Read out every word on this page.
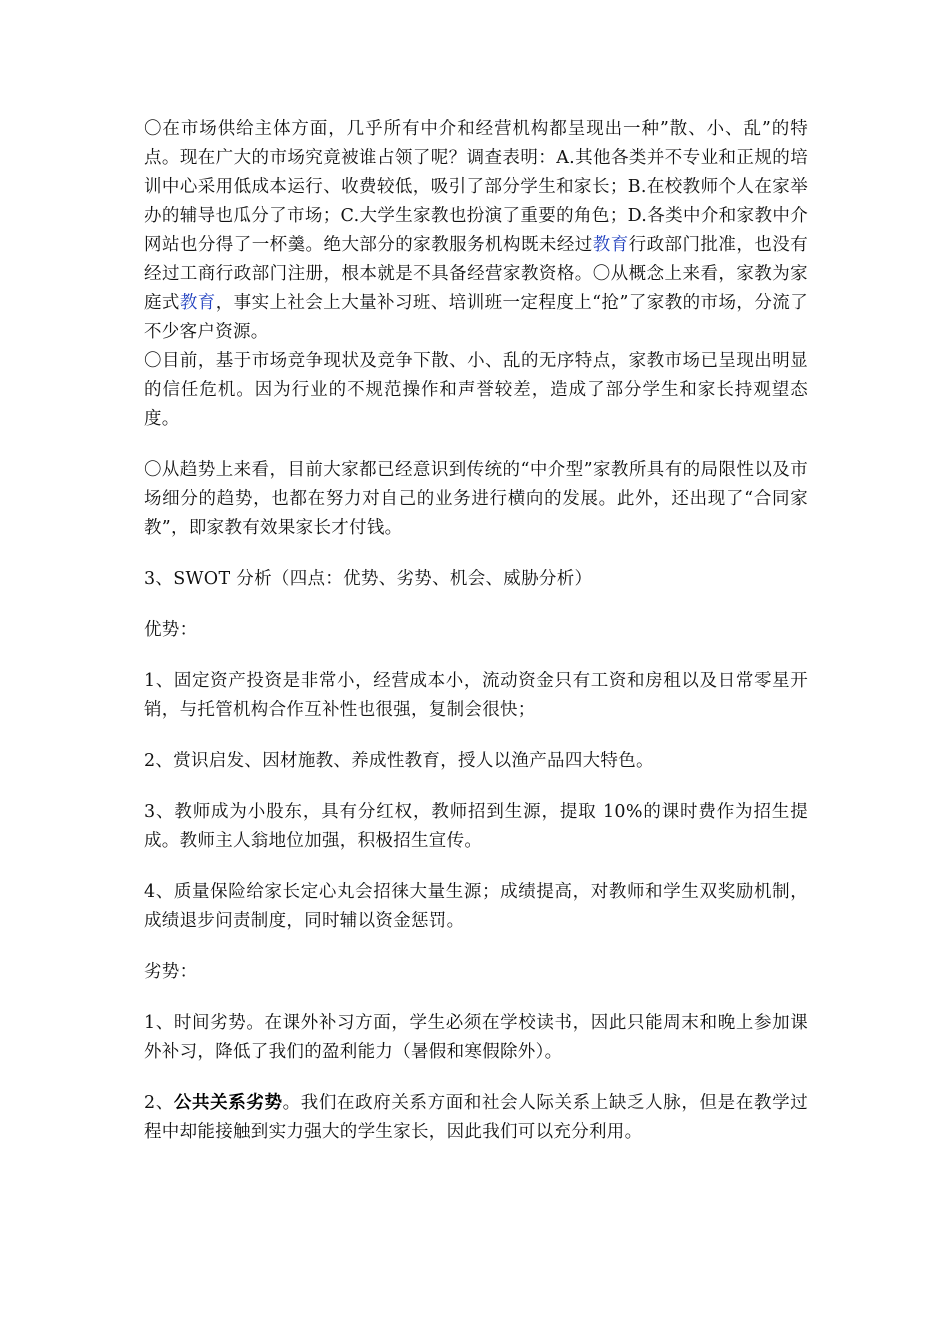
〇在市场供给主体方面，几乎所有中介和经营机构都呈现出一种”散、小、乱”的特点。现在广大的市场究竟被谁占领了呢？调查表明：A.其他各类并不专业和正规的培训中心采用低成本运行、收费较低，吸引了部分学生和家长；B.在校教师个人在家举办的辅导也瓜分了市场；C.大学生家教也扮演了重要的角色；D.各类中介和家教中介网站也分得了一杯羹。绝大部分的家教服务机构既未经过教育行政部门批准，也没有经过工商行政部门注册，根本就是不具备经营家教资格。〇从概念上来看，家教为家庭式教育，事实上社会上大量补习班、培训班一定程度上“抢”了家教的市场，分流了不少客户资源。

〇目前，基于市场竞争现状及竞争下散、小、乱的无序特点，家教市场已呈现出明显的信任危机。因为行业的不规范操作和声誉较差，造成了部分学生和家长持观望态度。

〇从趋势上来看，目前大家都已经意识到传统的“中介型”家教所具有的局限性以及市场细分的趋势，也都在努力对自己的业务进行横向的发展。此外，还出现了“合同家教”，即家教有效果家长才付钱。

3、SWOT 分析（四点：优势、劣势、机会、威胁分析）

优势：

1、固定资产投资是非常小，经营成本小，流动资金只有工资和房租以及日常零星开销，与托管机构合作互补性也很强，复制会很快；

2、赏识启发、因材施教、养成性教育，授人以渔产品四大特色。

3、教师成为小股东，具有分红权，教师招到生源，提取 10%的课时费作为招生提成。教师主人翁地位加强，积极招生宣传。

4、质量保险给家长定心丸会招徕大量生源；成绩提高，对教师和学生双奖励机制，成绩退步问责制度，同时辅以资金惩罚。

劣势：

1、时间劣势。在课外补习方面，学生必须在学校读书，因此只能周末和晚上参加课外补习，降低了我们的盈利能力（暑假和寒假除外）。

2、公共关系劣势。我们在政府关系方面和社会人际关系上缺乏人脉，但是在教学过程中却能接触到实力强大的学生家长，因此我们可以充分利用。
